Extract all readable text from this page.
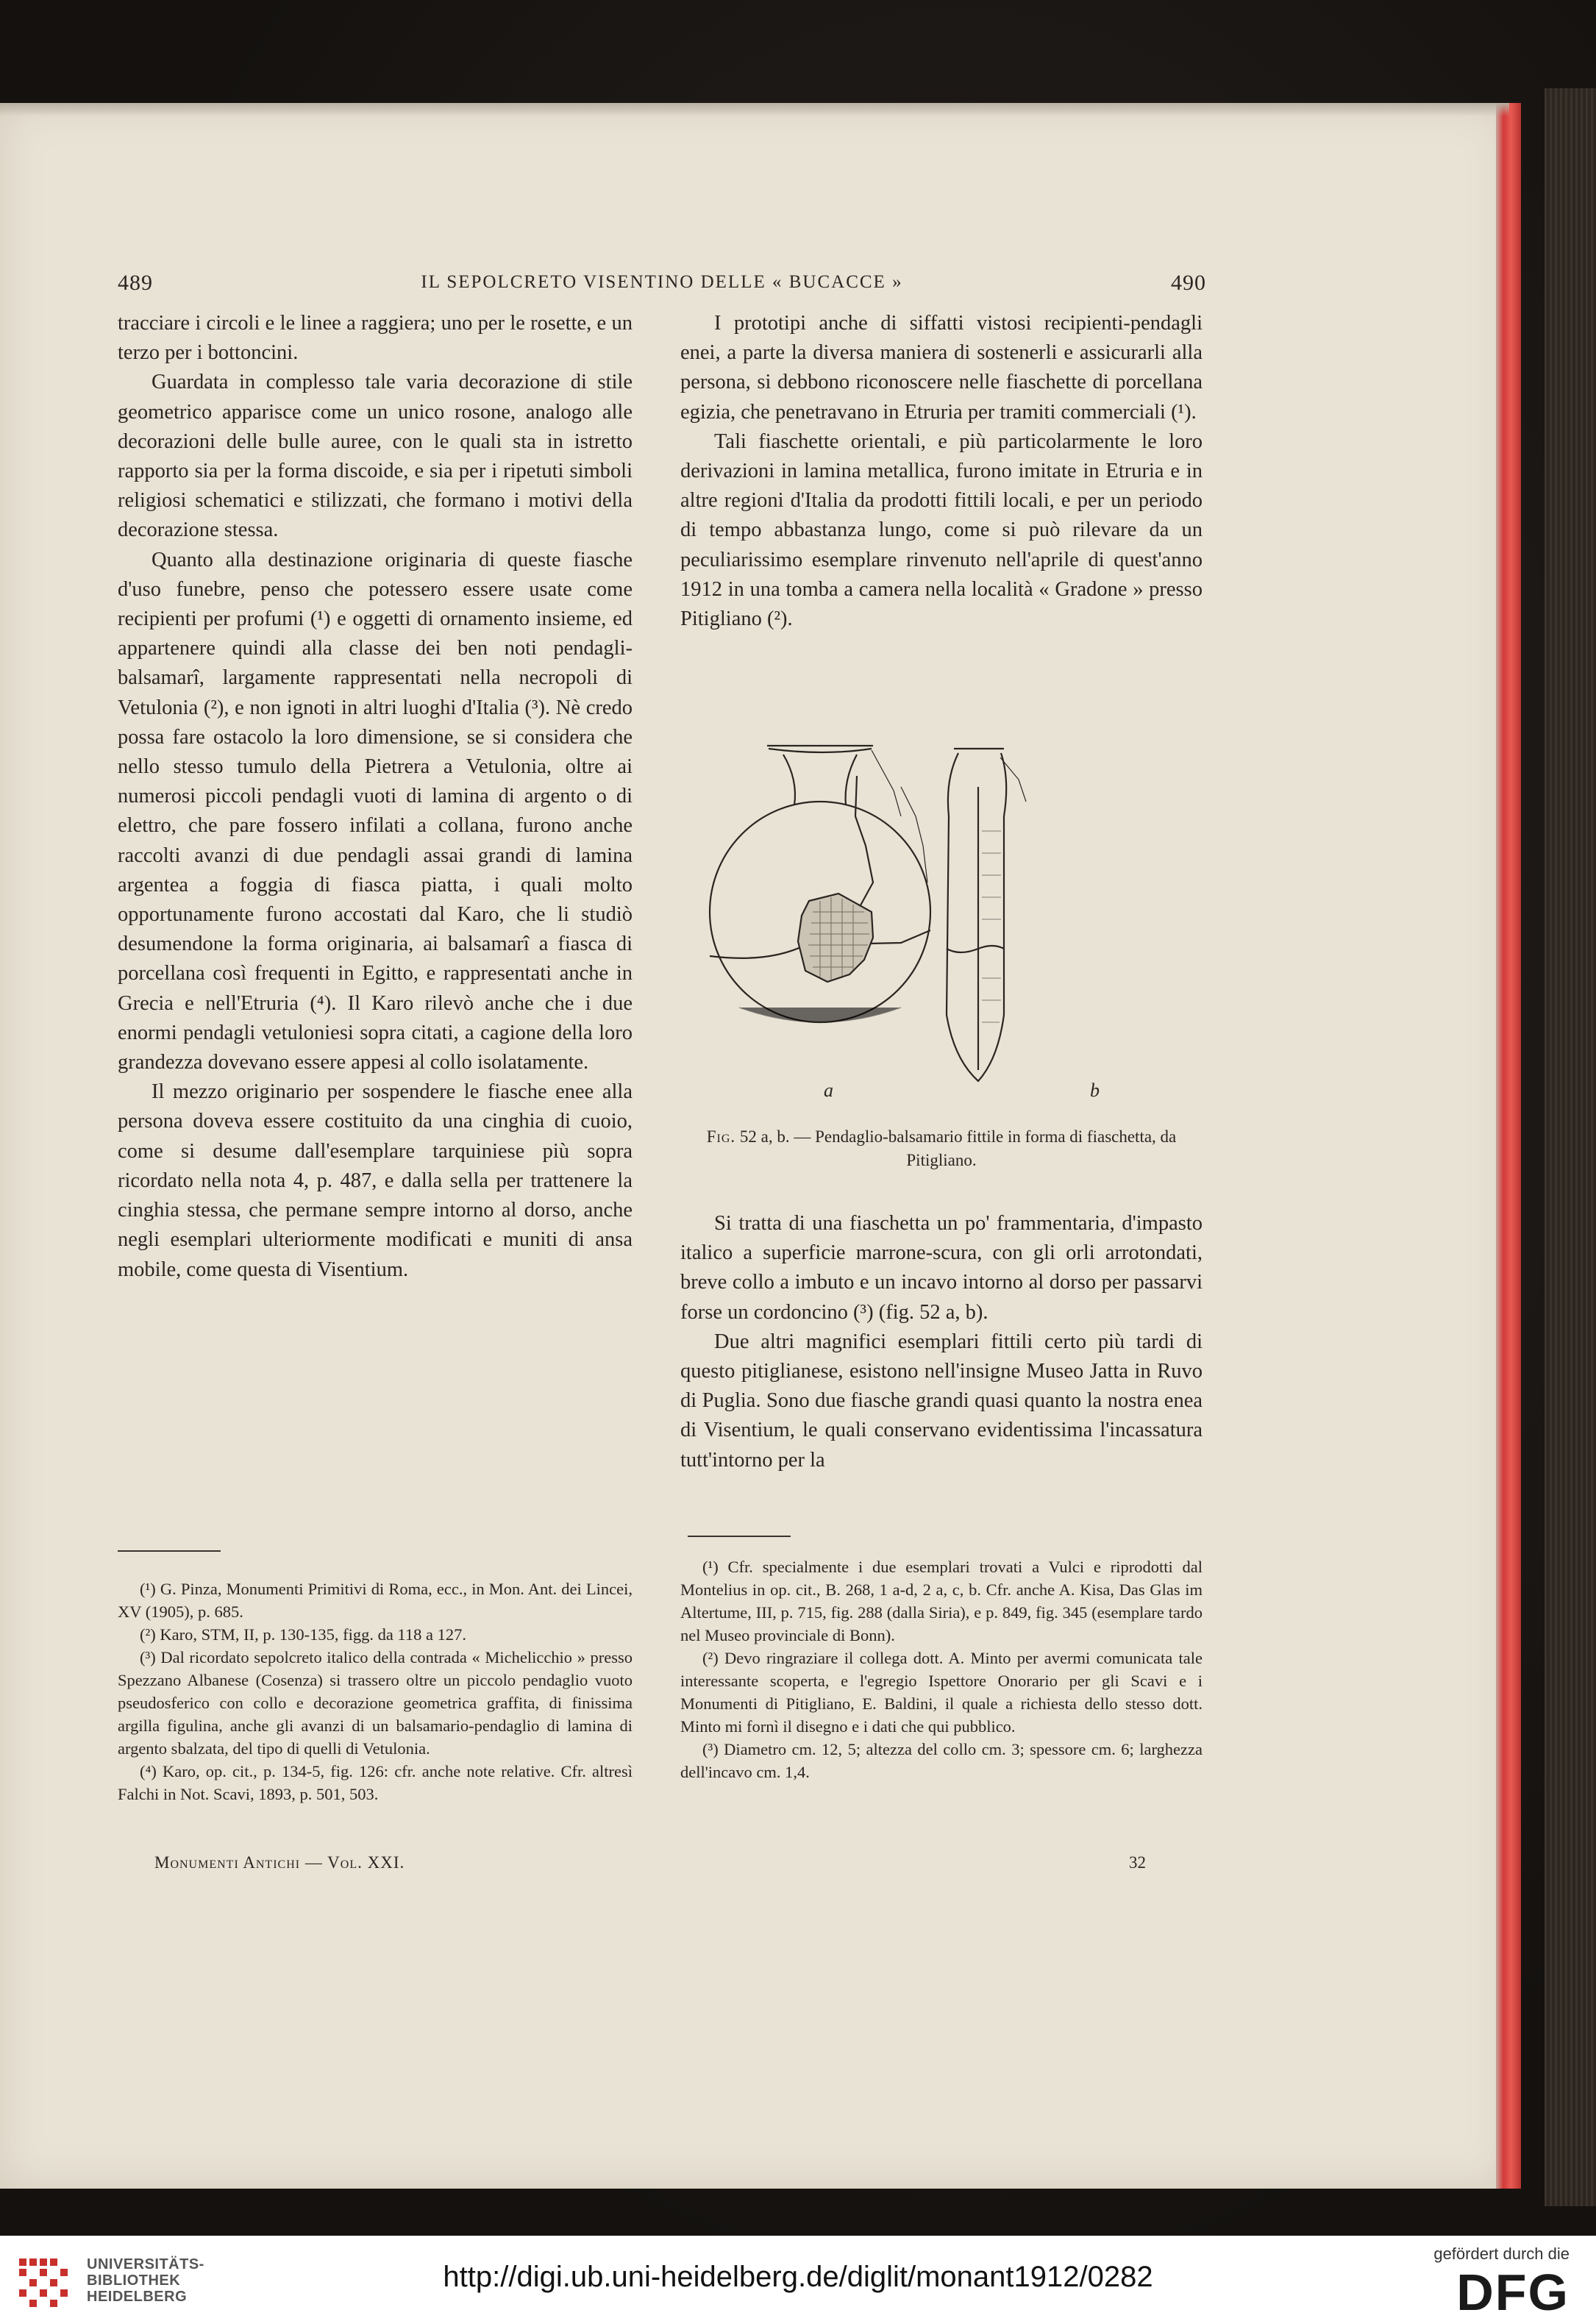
489	IL SEPOLCRETO VISENTINO DELLE « BUCACCE »	490

tracciare i circoli e le linee a raggiera; uno per le rosette, e un terzo per i bottoncini.

Guardata in complesso tale varia decorazione di stile geometrico apparisce come un unico rosone, analogo alle decorazioni delle bulle auree, con le quali sta in istretto rapporto sia per la forma discoide, e sia per i ripetuti simboli religiosi schematici e stilizzati, che formano i motivi della decorazione stessa.

Quanto alla destinazione originaria di queste fiasche d'uso funebre, penso che potessero essere usate come recipienti per profumi (¹) e oggetti di ornamento insieme, ed appartenere quindi alla classe dei ben noti pendagli-balsamarî, largamente rappresentati nella necropoli di Vetulonia (²), e non ignoti in altri luoghi d'Italia (³). Nè credo possa fare ostacolo la loro dimensione, se si considera che nello stesso tumulo della Pietrera a Vetulonia, oltre ai numerosi piccoli pendagli vuoti di lamina di argento o di elettro, che pare fossero infilati a collana, furono anche raccolti avanzi di due pendagli assai grandi di lamina argentea a foggia di fiasca piatta, i quali molto opportunamente furono accostati dal Karo, che li studiò desumendone la forma originaria, ai balsamarî a fiasca di porcellana così frequenti in Egitto, e rappresentati anche in Grecia e nell'Etruria (⁴). Il Karo rilevò anche che i due enormi pendagli vetuloniesi sopra citati, a cagione della loro grandezza dovevano essere appesi al collo isolatamente.

Il mezzo originario per sospendere le fiasche enee alla persona doveva essere costituito da una cinghia di cuoio, come si desume dall'esemplare tarquiniese più sopra ricordato nella nota 4, p. 487, e dalla sella per trattenere la cinghia stessa, che permane sempre intorno al dorso, anche negli esemplari ulteriormente modificati e muniti di ansa mobile, come questa di Visentium.

I prototipi anche di siffatti vistosi recipienti-pendagli enei, a parte la diversa maniera di sostenerli e assicurarli alla persona, si debbono riconoscere nelle fiaschette di porcellana egizia, che penetravano in Etruria per tramiti commerciali (¹).

Tali fiaschette orientali, e più particolarmente le loro derivazioni in lamina metallica, furono imitate in Etruria e in altre regioni d'Italia da prodotti fittili locali, e per un periodo di tempo abbastanza lungo, come si può rilevare da un peculiarissimo esemplare rinvenuto nell'aprile di quest'anno 1912 in una tomba a camera nella località « Gradone » presso Pitigliano (²).

a	b
Fig. 52 a, b. — Pendaglio-balsamario fittile in forma di fiaschetta, da Pitigliano.

Si tratta di una fiaschetta un po' frammentaria, d'impasto italico a superficie marrone-scura, con gli orli arrotondati, breve collo a imbuto e un incavo intorno al dorso per passarvi forse un cordoncino (³) (fig. 52 a, b).

Due altri magnifici esemplari fittili certo più tardi di questo pitiglianese, esistono nell'insigne Museo Jatta in Ruvo di Puglia. Sono due fiasche grandi quasi quanto la nostra enea di Visentium, le quali conservano evidentissima l'incassatura tutt'intorno per la

(¹) G. Pinza, Monumenti Primitivi di Roma, ecc., in Mon. Ant. dei Lincei, XV (1905), p. 685.

(²) Karo, STM, II, p. 130-135, figg. da 118 a 127.

(³) Dal ricordato sepolcreto italico della contrada « Michelicchio » presso Spezzano Albanese (Cosenza) si trassero oltre un piccolo pendaglio vuoto pseudosferico con collo e decorazione geometrica graffita, di finissima argilla figulina, anche gli avanzi di un balsamario-pendaglio di lamina di argento sbalzata, del tipo di quelli di Vetulonia.

(⁴) Karo, op. cit., p. 134-5, fig. 126: cfr. anche note relative. Cfr. altresì Falchi in Not. Scavi, 1893, p. 501, 503.

(¹) Cfr. specialmente i due esemplari trovati a Vulci e riprodotti dal Montelius in op. cit., B. 268, 1 a-d, 2 a, c, b. Cfr. anche A. Kisa, Das Glas im Altertume, III, p. 715, fig. 288 (dalla Siria), e p. 849, fig. 345 (esemplare tardo nel Museo provinciale di Bonn).

(²) Devo ringraziare il collega dott. A. Minto per avermi comunicata tale interessante scoperta, e l'egregio Ispettore Onorario per gli Scavi e i Monumenti di Pitigliano, E. Baldini, il quale a richiesta dello stesso dott. Minto mi fornì il disegno e i dati che qui pubblico.

(³) Diametro cm. 12, 5; altezza del collo cm. 3; spessore cm. 6; larghezza dell'incavo cm. 1,4.

Monumenti Antichi — Vol. XXI.	32
UNIVERSITÄTS-
BIBLIOTHEK
HEIDELBERG
http://digi.ub.uni-heidelberg.de/diglit/monant1912/0282
gefördert durch die
DFG
